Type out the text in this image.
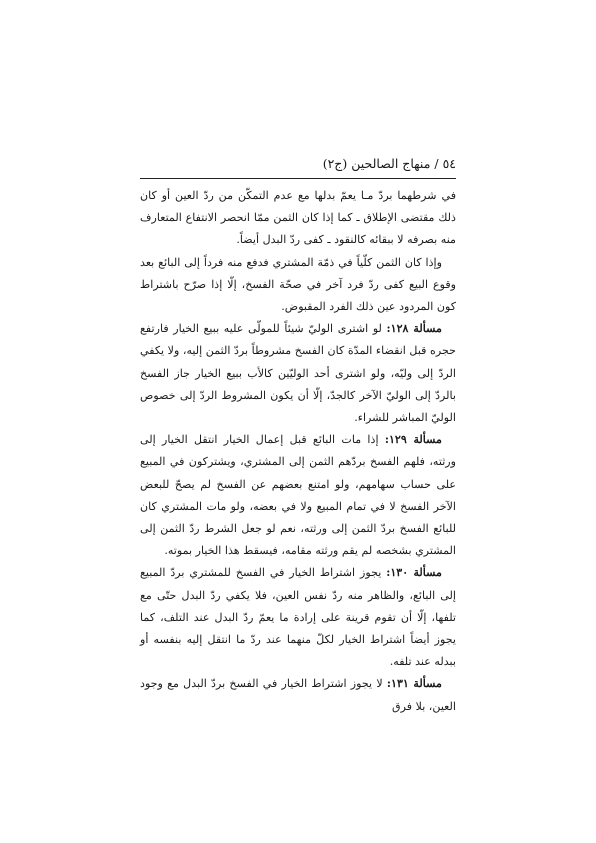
٥٤ / منهاج الصالحين (ج٢)

في شرطهما بردّ مـا يعمّ بدلها مع عدم التمكّن من ردّ العين أو كان ذلك مقتضى الإطلاق ـ كما إذا كان الثمن ممّا انحصر الانتفاع المتعارف منه بصرفه لا ببقائه كالنقود ـ كفى ردّ البدل أيضاً.

وإذا كان الثمن كلّياً في ذمّة المشتري فدفع منه فرداً إلى البائع بعد وقوع البيع كفى ردّ فرد آخر في صحّة الفسخ، إلّا إذا صرّح باشتراط كون المردود عين ذلك الفرد المقبوض.

مسألة ١٢٨: لو اشترى الوليّ شيئاً للمولّى عليه ببيع الخيار فارتفع حجره قبل انقضاء المدّة كان الفسخ مشروطاً بردّ الثمن إليه، ولا يكفي الردّ إلى وليّه، ولو اشترى أحد الوليّين كالأب ببيع الخيار جاز الفسخ بالردّ إلى الوليّ الآخر كالجدّ، إلّا أن يكون المشروط الردّ إلى خصوص الوليّ المباشر للشراء.

مسألة ١٢٩: إذا مات البائع قبل إعمال الخيار انتقل الخيار إلى ورثته، فلهم الفسخ بردّهم الثمن إلى المشتري، ويشتركون في المبيع على حساب سهامهم، ولو امتنع بعضهم عن الفسخ لم يصحّ للبعض الآخر الفسخ لا في تمام المبيع ولا في بعضه، ولو مات المشتري كان للبائع الفسخ بردّ الثمن إلى ورثته، نعم لو جعل الشرط ردّ الثمن إلى المشتري بشخصه لم يقم ورثته مقامه، فيسقط هذا الخيار بموته.

مسألة ١٣٠: يجوز اشتراط الخيار في الفسخ للمشتري بردّ المبيع إلى البائع، والظاهر منه ردّ نفس العين، فلا يكفي ردّ البدل حتّى مع تلفها، إلّا أن تقوم قرينة على إرادة ما يعمّ ردّ البدل عند التلف، كما يجوز أيضاً اشتراط الخيار لكلّ منهما عند ردّ ما انتقل إليه بنفسه أو ببدله عند تلفه.

مسألة ١٣١: لا يجوز اشتراط الخيار في الفسخ بردّ البدل مع وجود العين، بلا فرق
